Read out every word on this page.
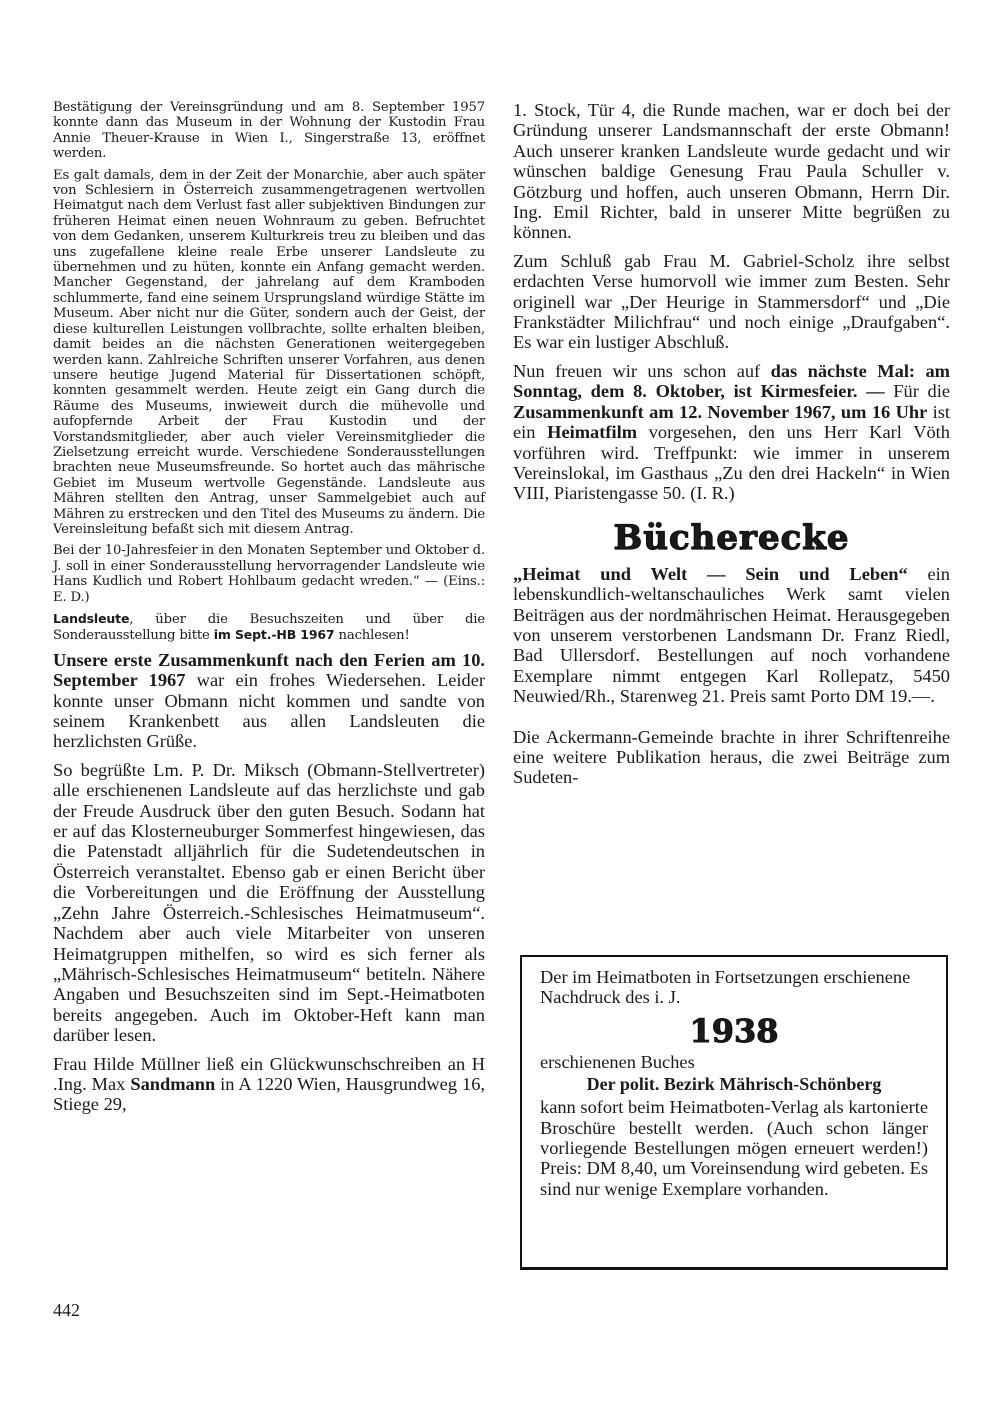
Bestätigung der Vereinsgründung und am 8. September 1957 konnte dann das Museum in der Wohnung der Kustodin Frau Annie Theuer-Krause in Wien I., Singerstraße 13, eröffnet werden.

Es galt damals, dem in der Zeit der Monarchie, aber auch später von Schlesiern in Österreich zusammengetragenen wertvollen Heimatgut nach dem Verlust fast aller subjektiven Bindungen zur früheren Heimat einen neuen Wohnraum zu geben. Befruchtet von dem Gedanken, unserem Kulturkreis treu zu bleiben und das uns zugefallene kleine reale Erbe unserer Landsleute zu übernehmen und zu hüten, konnte ein Anfang gemacht werden. Mancher Gegenstand, der jahrelang auf dem Kramboden schlummerte, fand eine seinem Ursprungsland würdige Stätte im Museum. Aber nicht nur die Güter, sondern auch der Geist, der diese kulturellen Leistungen vollbrachte, sollte erhalten bleiben, damit beides an die nächsten Generationen weitergegeben werden kann. Zahlreiche Schriften unserer Vorfahren, aus denen unsere heutige Jugend Material für Dissertationen schöpft, konnten gesammelt werden. Heute zeigt ein Gang durch die Räume des Museums, inwieweit durch die mühevolle und aufopfernde Arbeit der Frau Kustodin und der Vorstandsmitglieder, aber auch vieler Vereinsmitglieder die Zielsetzung erreicht wurde. Verschiedene Sonderausstellungen brachten neue Museumsfreunde. So hortet auch das mährische Gebiet im Museum wertvolle Gegenstände. Landsleute aus Mähren stellten den Antrag, unser Sammelgebiet auch auf Mähren zu erstrecken und den Titel des Museums zu ändern. Die Vereinsleitung befaßt sich mit diesem Antrag.

Bei der 10-Jahresfeier in den Monaten September und Oktober d. J. soll in einer Sonderausstellung hervorragender Landsleute wie Hans Kudlich und Robert Hohlbaum gedacht wreden.“ — (Eins.: E. D.)

Landsleute, über die Besuchszeiten und über die Sonderausstellung bitte im Sept.-HB 1967 nachlesen!

Unsere erste Zusammenkunft nach den Ferien am 10. September 1967 war ein frohes Wiedersehen. Leider konnte unser Obmann nicht kommen und sandte von seinem Krankenbett aus allen Landsleuten die herzlichsten Grüße.

So begrüßte Lm. P. Dr. Miksch (Obmann-Stellvertreter) alle erschienenen Landsleute auf das herzlichste und gab der Freude Ausdruck über den guten Besuch. Sodann hat er auf das Klosterneuburger Sommerfest hingewiesen, das die Patenstadt alljährlich für die Sudetendeutschen in Österreich veranstaltet. Ebenso gab er einen Bericht über die Vorbereitungen und die Eröffnung der Ausstellung „Zehn Jahre Österreich.-Schlesisches Heimatmuseum“. Nachdem aber auch viele Mitarbeiter von unseren Heimatgruppen mithelfen, so wird es sich ferner als „Mährisch-Schlesisches Heimatmuseum“ betiteln. Nähere Angaben und Besuchszeiten sind im Sept.-Heimatboten bereits angegeben. Auch im Oktober-Heft kann man darüber lesen.

Frau Hilde Müllner ließ ein Glückwunschschreiben an H .Ing. Max Sandmann in A 1220 Wien, Hausgrundweg 16, Stiege 29,

1. Stock, Tür 4, die Runde machen, war er doch bei der Gründung unserer Landsmannschaft der erste Obmann! Auch unserer kranken Landsleute wurde gedacht und wir wünschen baldige Genesung Frau Paula Schuller v. Götzburg und hoffen, auch unseren Obmann, Herrn Dir. Ing. Emil Richter, bald in unserer Mitte begrüßen zu können.

Zum Schluß gab Frau M. Gabriel-Scholz ihre selbst erdachten Verse humorvoll wie immer zum Besten. Sehr originell war „Der Heurige in Stammersdorf“ und „Die Frankstädter Milichfrau“ und noch einige „Draufgaben“. Es war ein lustiger Abschluß.

Nun freuen wir uns schon auf das nächste Mal: am Sonntag, dem 8. Oktober, ist Kirmesfeier. — Für die Zusammenkunft am 12. November 1967, um 16 Uhr ist ein Heimatfilm vorgesehen, den uns Herr Karl Vöth vorführen wird. Treffpunkt: wie immer in unserem Vereinslokal, im Gasthaus „Zu den drei Hackeln“ in Wien VIII, Piaristengasse 50. (I. R.)

Bücherecke

„Heimat und Welt — Sein und Leben“ ein lebenskundlich-weltanschauliches Werk samt vielen Beiträgen aus der nordmährischen Heimat. Herausgegeben von unserem verstorbenen Landsmann Dr. Franz Riedl, Bad Ullersdorf. Bestellungen auf noch vorhandene Exemplare nimmt entgegen Karl Rollepatz, 5450 Neuwied/Rh., Starenweg 21. Preis samt Porto DM 19.—.

Die Ackermann-Gemeinde brachte in ihrer Schriftenreihe eine weitere Publikation heraus, die zwei Beiträge zum Sudeten-

Der im Heimatboten in Fortsetzungen erschienene Nachdruck des i. J.

1938

erschienenen Buches

Der polit. Bezirk Mährisch-Schönberg

kann sofort beim Heimatboten-Verlag als kartonierte Broschüre bestellt werden. (Auch schon länger vorliegende Bestellungen mögen erneuert werden!) Preis: DM 8,40, um Voreinsendung wird gebeten. Es sind nur wenige Exemplare vorhanden.

442
